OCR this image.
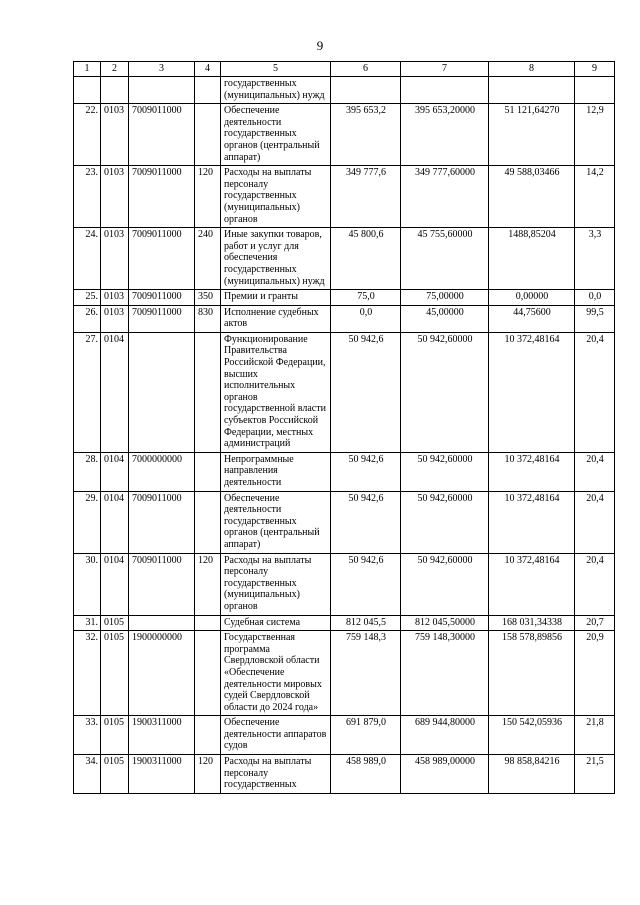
9
1	2	3	4	5	6	7	8	9
				государственных (муниципальных) нужд				
22.	0103	7009011000		Обеспечение деятельности государственных органов (центральный аппарат)	395 653,2	395 653,20000	51 121,64270	12,9
23.	0103	7009011000	120	Расходы на выплаты персоналу государственных (муниципальных) органов	349 777,6	349 777,60000	49 588,03466	14,2
24.	0103	7009011000	240	Иные закупки товаров, работ и услуг для обеспечения государственных (муниципальных) нужд	45 800,6	45 755,60000	1488,85204	3,3
25.	0103	7009011000	350	Премии и гранты	75,0	75,00000	0,00000	0,0
26.	0103	7009011000	830	Исполнение судебных актов	0,0	45,00000	44,75600	99,5
27.	0104			Функционирование Правительства Российской Федерации, высших исполнительных органов государственной власти субъектов Российской Федерации, местных администраций	50 942,6	50 942,60000	10 372,48164	20,4
28.	0104	7000000000		Непрограммные направления деятельности	50 942,6	50 942,60000	10 372,48164	20,4
29.	0104	7009011000		Обеспечение деятельности государственных органов (центральный аппарат)	50 942,6	50 942,60000	10 372,48164	20,4
30.	0104	7009011000	120	Расходы на выплаты персоналу государственных (муниципальных) органов	50 942,6	50 942,60000	10 372,48164	20,4
31.	0105			Судебная система	812 045,5	812 045,50000	168 031,34338	20,7
32.	0105	1900000000		Государственная программа Свердловской области «Обеспечение деятельности мировых судей Свердловской области до 2024 года»	759 148,3	759 148,30000	158 578,89856	20,9
33.	0105	1900311000		Обеспечение деятельности аппаратов судов	691 879,0	689 944,80000	150 542,05936	21,8
34.	0105	1900311000	120	Расходы на выплаты персоналу государственных	458 989,0	458 989,00000	98 858,84216	21,5
